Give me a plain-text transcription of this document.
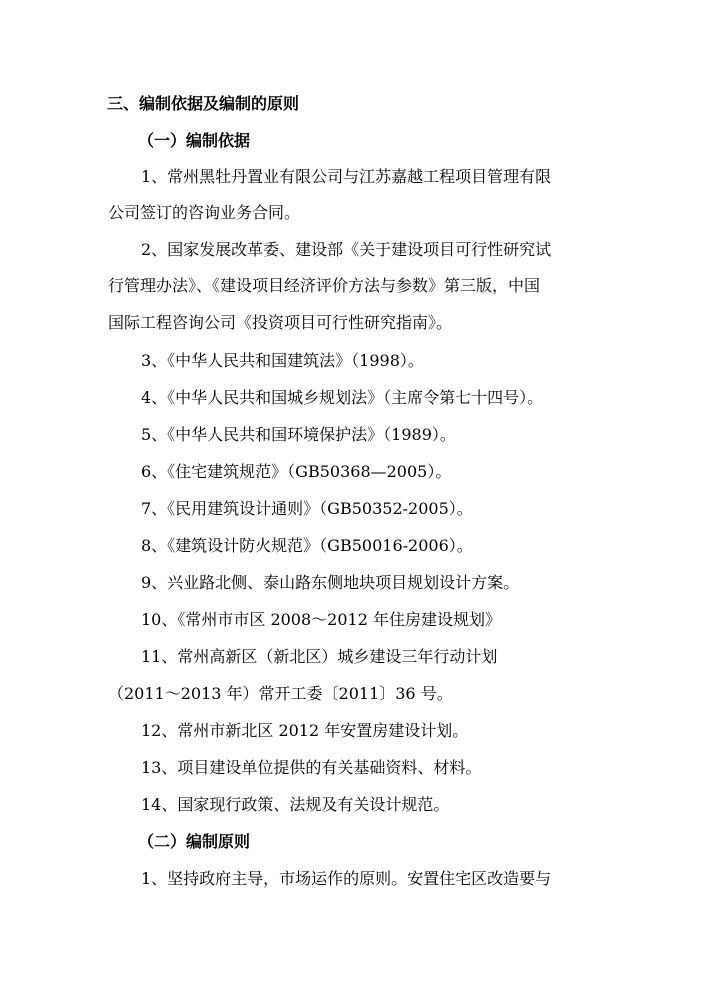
三、编制依据及编制的原则
（一）编制依据
1、常州黑牡丹置业有限公司与江苏嘉越工程项目管理有限
公司签订的咨询业务合同。
2、国家发展改革委、建设部《关于建设项目可行性研究试
行管理办法》、《建设项目经济评价方法与参数》第三版，中国
国际工程咨询公司《投资项目可行性研究指南》。
3、《中华人民共和国建筑法》（1998）。
4、《中华人民共和国城乡规划法》（主席令第七十四号）。
5、《中华人民共和国环境保护法》（1989）。
6、《住宅建筑规范》（GB50368—2005）。
7、《民用建筑设计通则》（GB50352-2005）。
8、《建筑设计防火规范》（GB50016-2006）。
9、兴业路北侧、泰山路东侧地块项目规划设计方案。
10、《常州市市区 2008～2012 年住房建设规划》
11、常州高新区（新北区）城乡建设三年行动计划
（2011～2013 年）常开工委〔2011〕36 号。
12、常州市新北区 2012 年安置房建设计划。
13、项目建设单位提供的有关基础资料、材料。
14、国家现行政策、法规及有关设计规范。
（二）编制原则
1、坚持政府主导，市场运作的原则。安置住宅区改造要与
